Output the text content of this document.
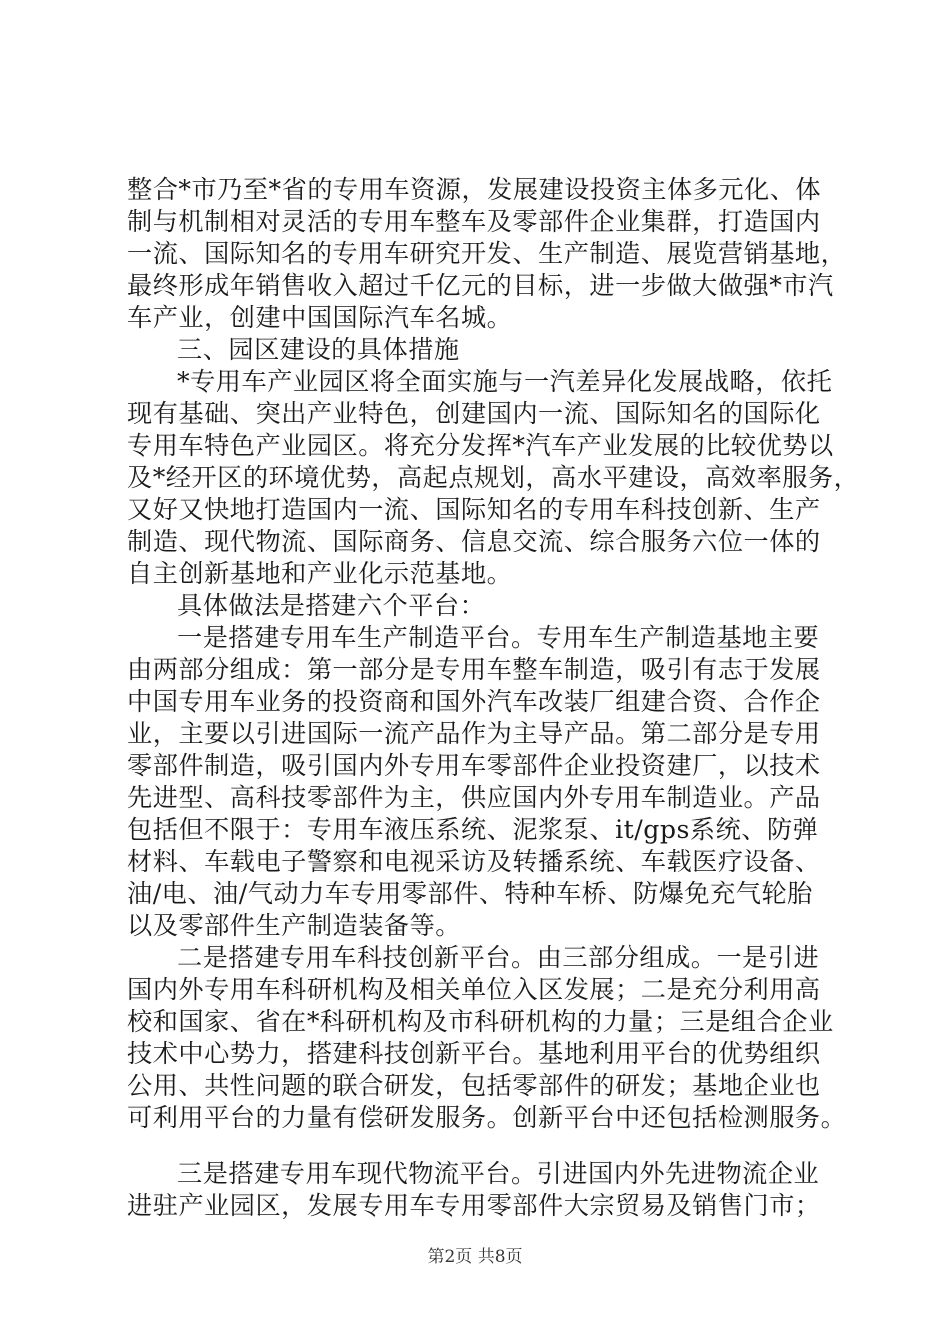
整合*市乃至*省的专用车资源，发展建设投资主体多元化、体
制与机制相对灵活的专用车整车及零部件企业集群，打造国内
一流、国际知名的专用车研究开发、生产制造、展览营销基地，
最终形成年销售收入超过千亿元的目标，进一步做大做强*市汽
车产业，创建中国国际汽车名城。
三、园区建设的具体措施
*专用车产业园区将全面实施与一汽差异化发展战略，依托
现有基础、突出产业特色，创建国内一流、国际知名的国际化
专用车特色产业园区。将充分发挥*汽车产业发展的比较优势以
及*经开区的环境优势，高起点规划，高水平建设，高效率服务，
又好又快地打造国内一流、国际知名的专用车科技创新、生产
制造、现代物流、国际商务、信息交流、综合服务六位一体的
自主创新基地和产业化示范基地。
具体做法是搭建六个平台：
一是搭建专用车生产制造平台。专用车生产制造基地主要
由两部分组成：第一部分是专用车整车制造，吸引有志于发展
中国专用车业务的投资商和国外汽车改装厂组建合资、合作企
业，主要以引进国际一流产品作为主导产品。第二部分是专用
零部件制造，吸引国内外专用车零部件企业投资建厂，以技术
先进型、高科技零部件为主，供应国内外专用车制造业。产品
包括但不限于：专用车液压系统、泥浆泵、it/gps系统、防弹
材料、车载电子警察和电视采访及转播系统、车载医疗设备、
油/电、油/气动力车专用零部件、特种车桥、防爆免充气轮胎
以及零部件生产制造装备等。
二是搭建专用车科技创新平台。由三部分组成。一是引进
国内外专用车科研机构及相关单位入区发展；二是充分利用高
校和国家、省在*科研机构及市科研机构的力量；三是组合企业
技术中心势力，搭建科技创新平台。基地利用平台的优势组织
公用、共性问题的联合研发，包括零部件的研发；基地企业也
可利用平台的力量有偿研发服务。创新平台中还包括检测服务。
三是搭建专用车现代物流平台。引进国内外先进物流企业
进驻产业园区，发展专用车专用零部件大宗贸易及销售门市；
第2页 共8页
